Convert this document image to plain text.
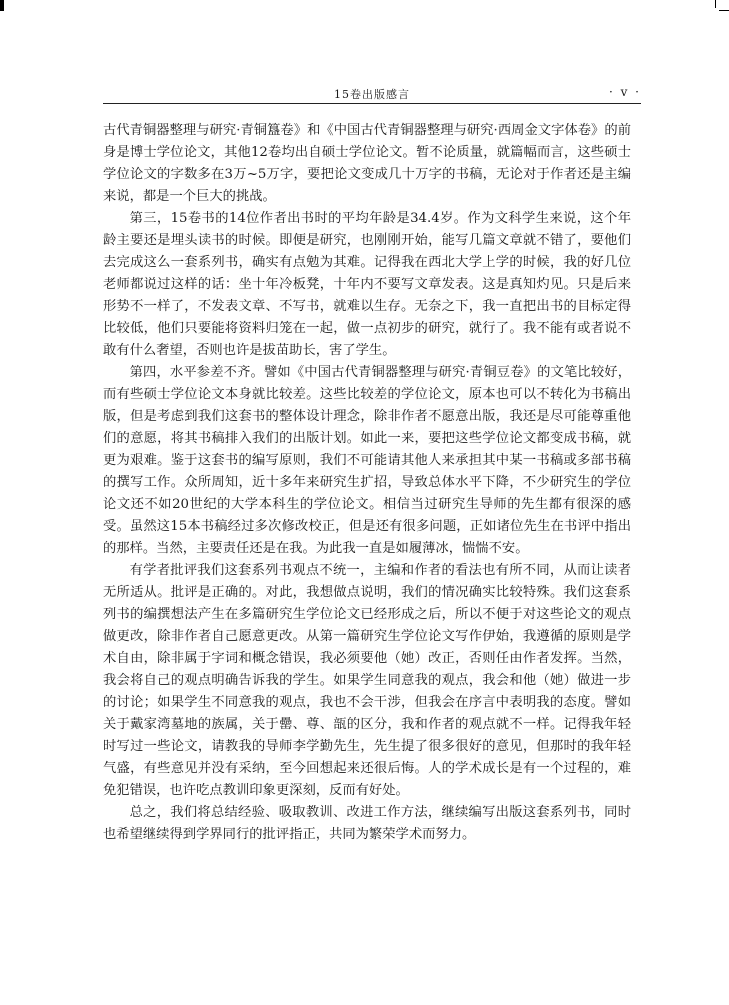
15卷出版感言	· v ·

古代青铜器整理与研究·青铜簋卷》和《中国古代青铜器整理与研究·西周金文字体卷》的前身是博士学位论文，其他12卷均出自硕士学位论文。暂不论质量，就篇幅而言，这些硕士学位论文的字数多在3万~5万字，要把论文变成几十万字的书稿，无论对于作者还是主编来说，都是一个巨大的挑战。

第三，15卷书的14位作者出书时的平均年龄是34.4岁。作为文科学生来说，这个年龄主要还是埋头读书的时候。即便是研究，也刚刚开始，能写几篇文章就不错了，要他们去完成这么一套系列书，确实有点勉为其难。记得我在西北大学上学的时候，我的好几位老师都说过这样的话：坐十年冷板凳，十年内不要写文章发表。这是真知灼见。只是后来形势不一样了，不发表文章、不写书，就难以生存。无奈之下，我一直把出书的目标定得比较低，他们只要能将资料归笼在一起，做一点初步的研究，就行了。我不能有或者说不敢有什么奢望，否则也许是拔苗助长，害了学生。

第四，水平参差不齐。譬如《中国古代青铜器整理与研究·青铜豆卷》的文笔比较好，而有些硕士学位论文本身就比较差。这些比较差的学位论文，原本也可以不转化为书稿出版，但是考虑到我们这套书的整体设计理念，除非作者不愿意出版，我还是尽可能尊重他们的意愿，将其书稿排入我们的出版计划。如此一来，要把这些学位论文都变成书稿，就更为艰难。鉴于这套书的编写原则，我们不可能请其他人来承担其中某一书稿或多部书稿的撰写工作。众所周知，近十多年来研究生扩招，导致总体水平下降，不少研究生的学位论文还不如20世纪的大学本科生的学位论文。相信当过研究生导师的先生都有很深的感受。虽然这15本书稿经过多次修改校正，但是还有很多问题，正如诸位先生在书评中指出的那样。当然，主要责任还是在我。为此我一直是如履薄冰，惴惴不安。

有学者批评我们这套系列书观点不统一，主编和作者的看法也有所不同，从而让读者无所适从。批评是正确的。对此，我想做点说明，我们的情况确实比较特殊。我们这套系列书的编撰想法产生在多篇研究生学位论文已经形成之后，所以不便于对这些论文的观点做更改，除非作者自己愿意更改。从第一篇研究生学位论文写作伊始，我遵循的原则是学术自由，除非属于字词和概念错误，我必须要他（她）改正，否则任由作者发挥。当然，我会将自己的观点明确告诉我的学生。如果学生同意我的观点，我会和他（她）做进一步的讨论；如果学生不同意我的观点，我也不会干涉，但我会在序言中表明我的态度。譬如关于戴家湾墓地的族属，关于罍、尊、瓿的区分，我和作者的观点就不一样。记得我年轻时写过一些论文，请教我的导师李学勤先生，先生提了很多很好的意见，但那时的我年轻气盛，有些意见并没有采纳，至今回想起来还很后悔。人的学术成长是有一个过程的，难免犯错误，也许吃点教训印象更深刻，反而有好处。

总之，我们将总结经验、吸取教训、改进工作方法，继续编写出版这套系列书，同时也希望继续得到学界同行的批评指正，共同为繁荣学术而努力。
